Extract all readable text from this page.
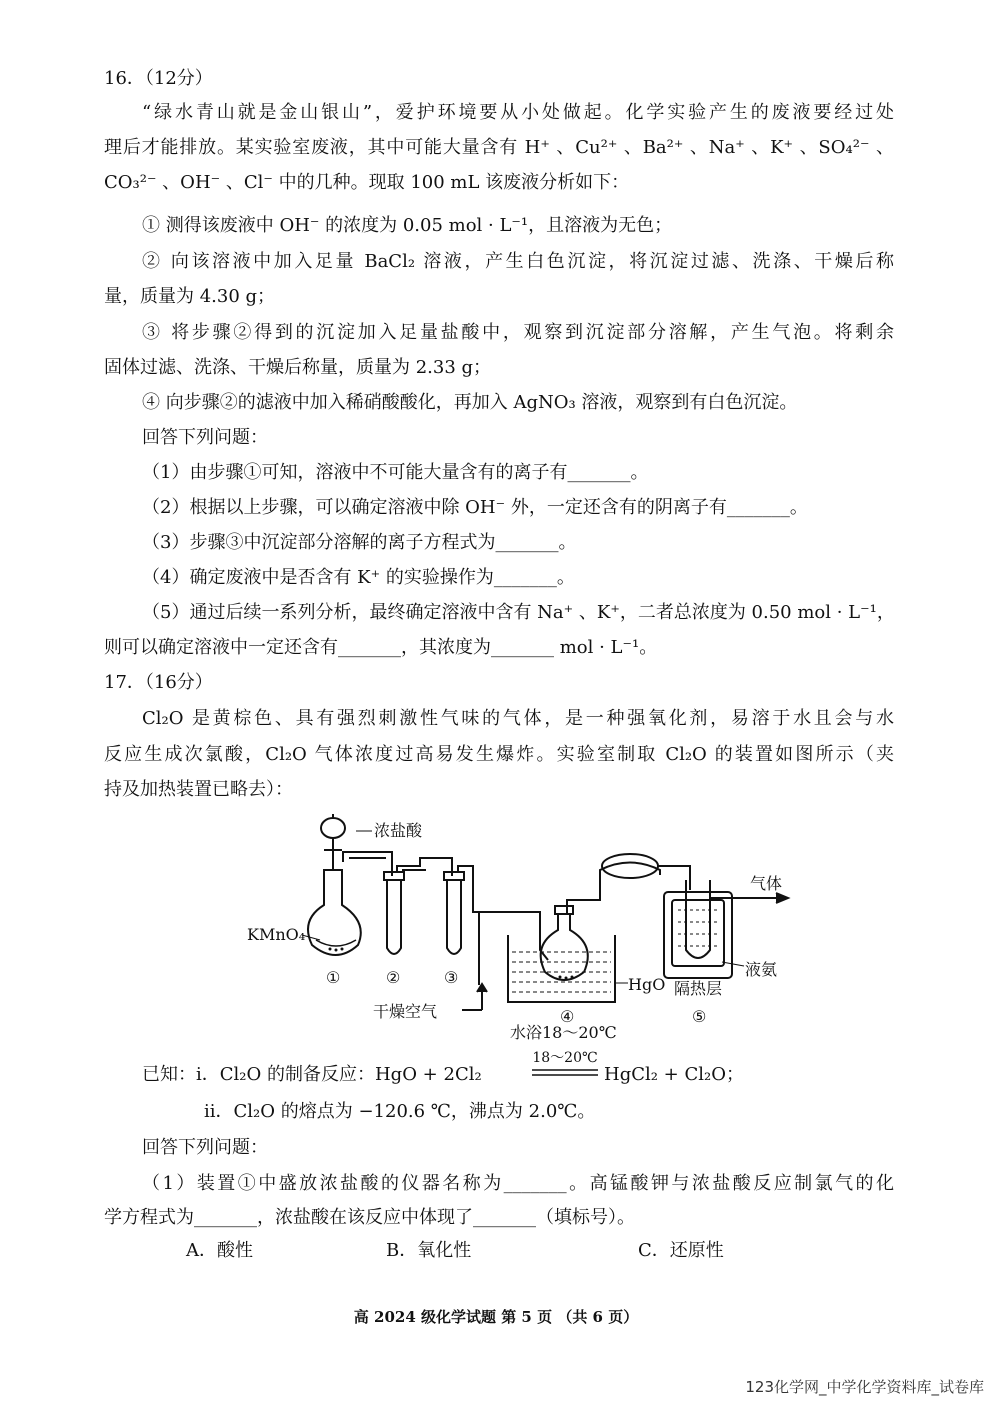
16．（12分）
“绿水青山就是金山银山”，爱护环境要从小处做起。化学实验产生的废液要经过处
理后才能排放。某实验室废液，其中可能大量含有 H⁺ 、Cu²⁺ 、Ba²⁺ 、Na⁺ 、K⁺ 、SO₄²⁻ 、
CO₃²⁻ 、OH⁻ 、Cl⁻ 中的几种。现取 100 mL 该废液分析如下：
① 测得该废液中 OH⁻ 的浓度为 0.05 mol · L⁻¹，且溶液为无色；
② 向该溶液中加入足量 BaCl₂ 溶液，产生白色沉淀，将沉淀过滤、洗涤、干燥后称
量，质量为 4.30 g；
③ 将步骤②得到的沉淀加入足量盐酸中，观察到沉淀部分溶解，产生气泡。将剩余
固体过滤、洗涤、干燥后称量，质量为 2.33 g；
④ 向步骤②的滤液中加入稀硝酸酸化，再加入 AgNO₃ 溶液，观察到有白色沉淀。
回答下列问题：
（1）由步骤①可知，溶液中不可能大量含有的离子有_______。
（2）根据以上步骤，可以确定溶液中除 OH⁻ 外，一定还含有的阴离子有_______。
（3）步骤③中沉淀部分溶解的离子方程式为_______。
（4）确定废液中是否含有 K⁺ 的实验操作为_______。
（5）通过后续一系列分析，最终确定溶液中含有 Na⁺ 、K⁺，二者总浓度为 0.50 mol · L⁻¹，
则可以确定溶液中一定还含有_______，其浓度为_______ mol · L⁻¹。
17．（16分）
Cl₂O 是黄棕色、具有强烈刺激性气味的气体，是一种强氧化剂，易溶于水且会与水
反应生成次氯酸，Cl₂O 气体浓度过高易发生爆炸。实验室制取 Cl₂O 的装置如图所示（夹
持及加热装置已略去）：
浓盐酸
KMnO₄
干燥空气
HgO
气体
液氨
隔热层
水浴18～20℃
①	②	③
④	⑤
已知：ⅰ．Cl₂O 的制备反应：HgO + 2Cl₂
18～20℃
HgCl₂ + Cl₂O；
ⅱ．Cl₂O 的熔点为 −120.6 ℃，沸点为 2.0℃。
回答下列问题：
（1）装置①中盛放浓盐酸的仪器名称为_______。高锰酸钾与浓盐酸反应制氯气的化
学方程式为_______，浓盐酸在该反应中体现了_______（填标号）。
A．酸性	B．氧化性	C．还原性
高 2024 级化学试题 第 5 页 （共 6 页）
123化学网_中学化学资料库_试卷库
